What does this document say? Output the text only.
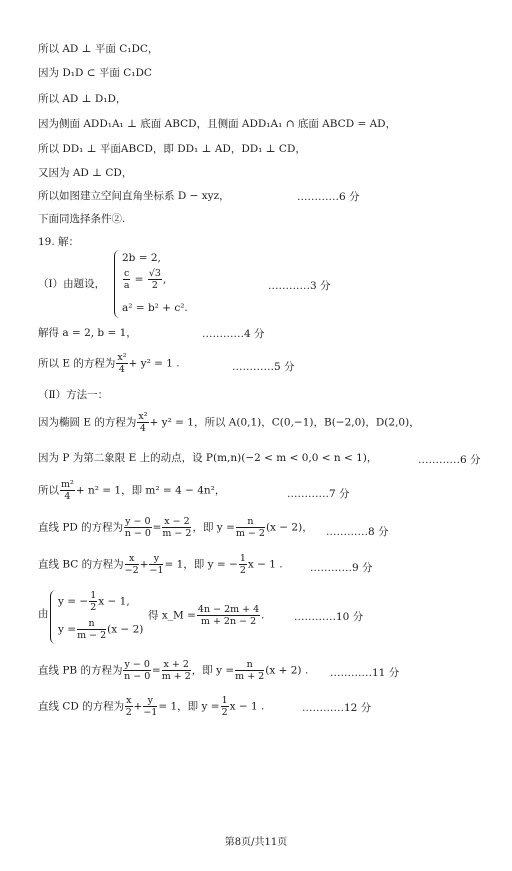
所以 AD ⊥ 平面 C₁DC，
因为 D₁D ⊂ 平面 C₁DC
所以 AD ⊥ D₁D，
因为侧面 ADD₁A₁ ⊥ 底面 ABCD，且侧面 ADD₁A₁ ∩ 底面 ABCD = AD，
所以 DD₁ ⊥ 平面ABCD，即 DD₁ ⊥ AD，DD₁ ⊥ CD，
又因为 AD ⊥ CD，
所以如图建立空间直角坐标系 D − xyz，	…………6 分
下面同选择条件②.
19. 解：
（Ⅰ）由题设，
2b = 2,
$\frac{c}{a} = \frac{√3}{2}$ ,
a² = b² + c².
…………3 分
解得 a = 2, b = 1，	…………4 分
所以 E 的方程为 $\frac{\text{x²}}{4} + y^2 = 1$ .	…………5 分
（Ⅱ）方法一：
因为椭圆 E 的方程为 $\frac{\text{x²}}{4} + y^2 = 1$，所以 A(0,1)，C(0,−1)，B(−2,0)，D(2,0)，
因为 P 为第二象限 E 上的动点，设 P(m,n)(−2 < m < 0,0 < n < 1)，	…………6 分
所以 $\frac{\text{m²}}{4} + n^2 = 1$，即 m² = 4 − 4n²，	…………7 分
直线 PD 的方程为 $\frac{y - 0}{n - 0} = \frac{x - 2}{m - 2}$ ，即 $y = \frac{n}{m - 2} (x - 2)$， …………8 分
直线 BC 的方程为 $\frac{x}{-2} + \frac{y}{-1} = 1$，即 y = − $\frac{1}{2}$ x − 1 .	…………9 分
由
y = − $\frac{1}{2}$ x − 1,
$y = \frac{n}{m - 2} (x - 2)$
得 x_M = $\frac{4n - 2m + 4}{m + 2n - 2}$ .	…………10 分
直线 PB 的方程为 $\frac{y - 0}{n - 0} = \frac{x + 2}{m + 2}$ ，即 $y = \frac{n}{m + 2} (x + 2)$ . …………11 分
直线 CD 的方程为 $\frac{x}{2} + \frac{y}{-1} = 1$，即 $y = \frac{1}{2}$ x − 1 .	…………12 分
第8页/共11页
